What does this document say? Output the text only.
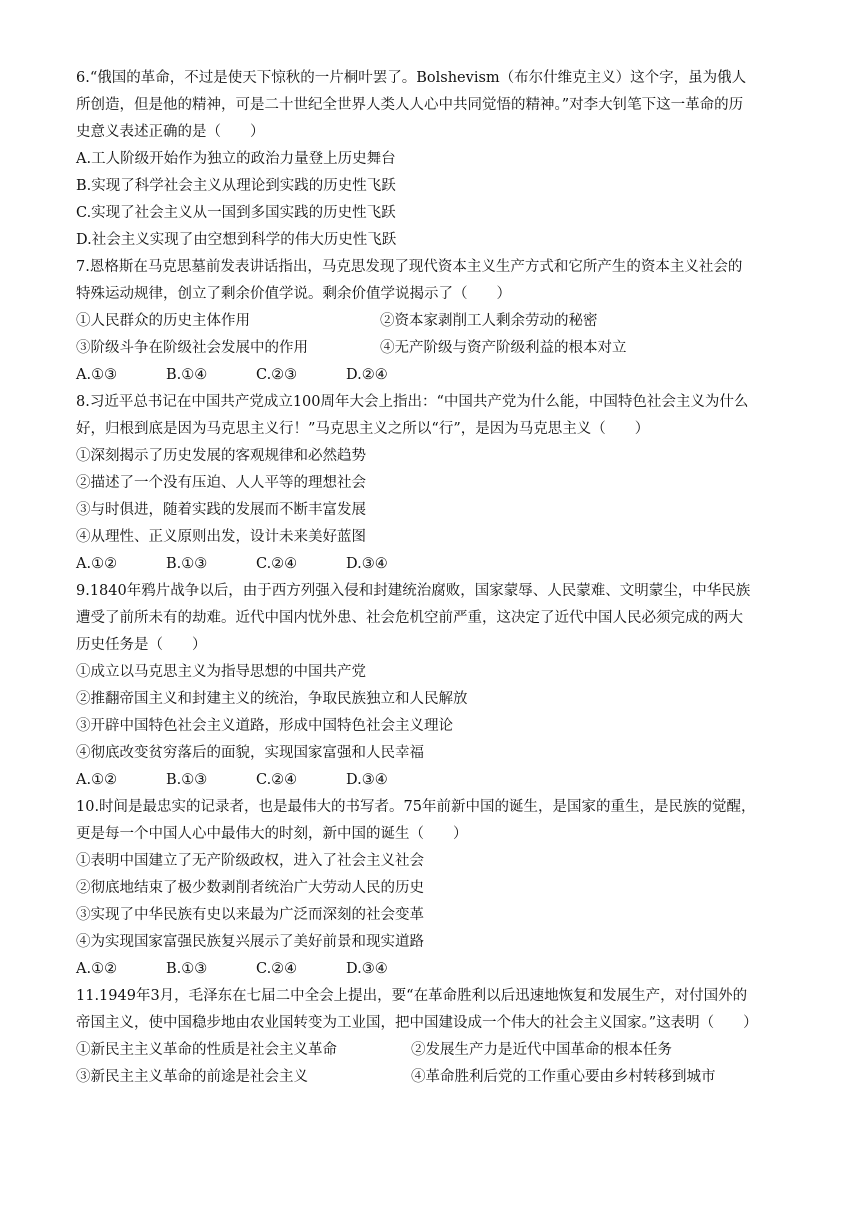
6.“俄国的革命，不过是使天下惊秋的一片桐叶罢了。Bolshevism（布尔什维克主义）这个字，虽为俄人
所创造，但是他的精神，可是二十世纪全世界人类人人心中共同觉悟的精神。”对李大钊笔下这一革命的历
史意义表述正确的是（　　）
A.工人阶级开始作为独立的政治力量登上历史舞台
B.实现了科学社会主义从理论到实践的历史性飞跃
C.实现了社会主义从一国到多国实践的历史性飞跃
D.社会主义实现了由空想到科学的伟大历史性飞跃
7.恩格斯在马克思墓前发表讲话指出，马克思发现了现代资本主义生产方式和它所产生的资本主义社会的
特殊运动规律，创立了剩余价值学说。剩余价值学说揭示了（　　）
①人民群众的历史主体作用	②资本家剥削工人剩余劳动的秘密
③阶级斗争在阶级社会发展中的作用	④无产阶级与资产阶级利益的根本对立
A.①③	B.①④	C.②③	D.②④
8.习近平总书记在中国共产党成立100周年大会上指出：“中国共产党为什么能，中国特色社会主义为什么
好，归根到底是因为马克思主义行！”马克思主义之所以“行”，是因为马克思主义（　　）
①深刻揭示了历史发展的客观规律和必然趋势
②描述了一个没有压迫、人人平等的理想社会
③与时俱进，随着实践的发展而不断丰富发展
④从理性、正义原则出发，设计未来美好蓝图
A.①②	B.①③	C.②④	D.③④
9.1840年鸦片战争以后，由于西方列强入侵和封建统治腐败，国家蒙辱、人民蒙难、文明蒙尘，中华民族
遭受了前所未有的劫难。近代中国内忧外患、社会危机空前严重，这决定了近代中国人民必须完成的两大
历史任务是（　　）
①成立以马克思主义为指导思想的中国共产党
②推翻帝国主义和封建主义的统治，争取民族独立和人民解放
③开辟中国特色社会主义道路，形成中国特色社会主义理论
④彻底改变贫穷落后的面貌，实现国家富强和人民幸福
A.①②	B.①③	C.②④	D.③④
10.时间是最忠实的记录者，也是最伟大的书写者。75年前新中国的诞生，是国家的重生，是民族的觉醒，
更是每一个中国人心中最伟大的时刻，新中国的诞生（　　）
①表明中国建立了无产阶级政权，进入了社会主义社会
②彻底地结束了极少数剥削者统治广大劳动人民的历史
③实现了中华民族有史以来最为广泛而深刻的社会变革
④为实现国家富强民族复兴展示了美好前景和现实道路
A.①②	B.①③	C.②④	D.③④
11.1949年3月，毛泽东在七届二中全会上提出，要“在革命胜利以后迅速地恢复和发展生产，对付国外的
帝国主义，使中国稳步地由农业国转变为工业国，把中国建设成一个伟大的社会主义国家。”这表明（　　）
①新民主主义革命的性质是社会主义革命	②发展生产力是近代中国革命的根本任务
③新民主主义革命的前途是社会主义	④革命胜利后党的工作重心要由乡村转移到城市
